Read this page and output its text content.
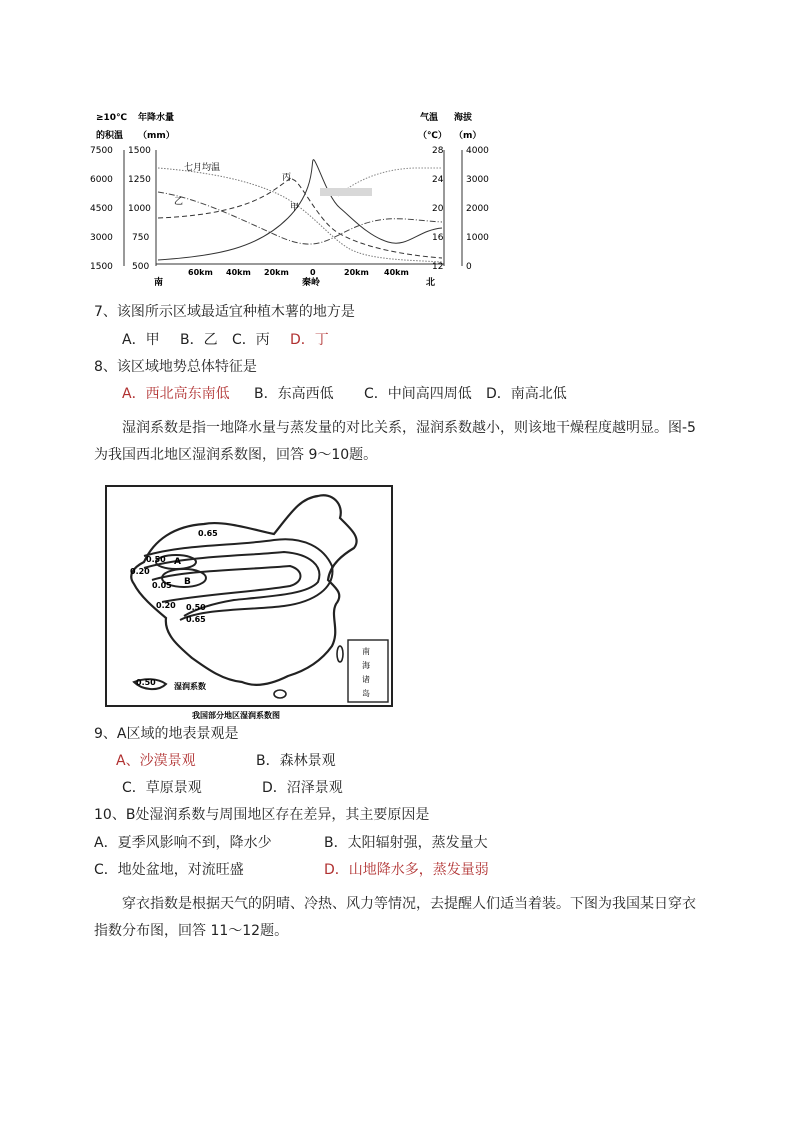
≥10℃
的积温
年降水量
（mm）
气温
（℃）
海拔
（m）
7500
6000
4500
3000
1500
1500
1250
1000
750
500
28
24
20
16
12
4000
3000
2000
1000
0
60km 40km 20km	0	20km 40km
南	秦岭	北
七月均温
丙
乙
甲
7、该图所示区域最适宜种植木薯的地方是
A．甲 B．乙 C．丙 D．丁
8、该区域地势总体特征是
A．西北高东南低 B．东高西低 C．中间高四周低 D．南高北低
湿润系数是指一地降水量与蒸发量的对比关系，湿润系数越小，则该地干燥程度越明显。图-5为我国西北地区湿润系数图，回答 9～10题。
0.65
0.50
0.20
0.05
0.20 0.50
0.65
A
B
南
海
诸
岛
0.50 湿润系数
我国部分地区湿润系数图
9、A区域的地表景观是
A、沙漠景观	B．森林景观
C．草原景观	D．沼泽景观
10、B处湿润系数与周围地区存在差异，其主要原因是
A．夏季风影响不到，降水少	B．太阳辐射强，蒸发量大
C．地处盆地，对流旺盛	D．山地降水多，蒸发量弱
穿衣指数是根据天气的阴晴、冷热、风力等情况，去提醒人们适当着装。下图为我国某日穿衣指数分布图，回答 11～12题。
